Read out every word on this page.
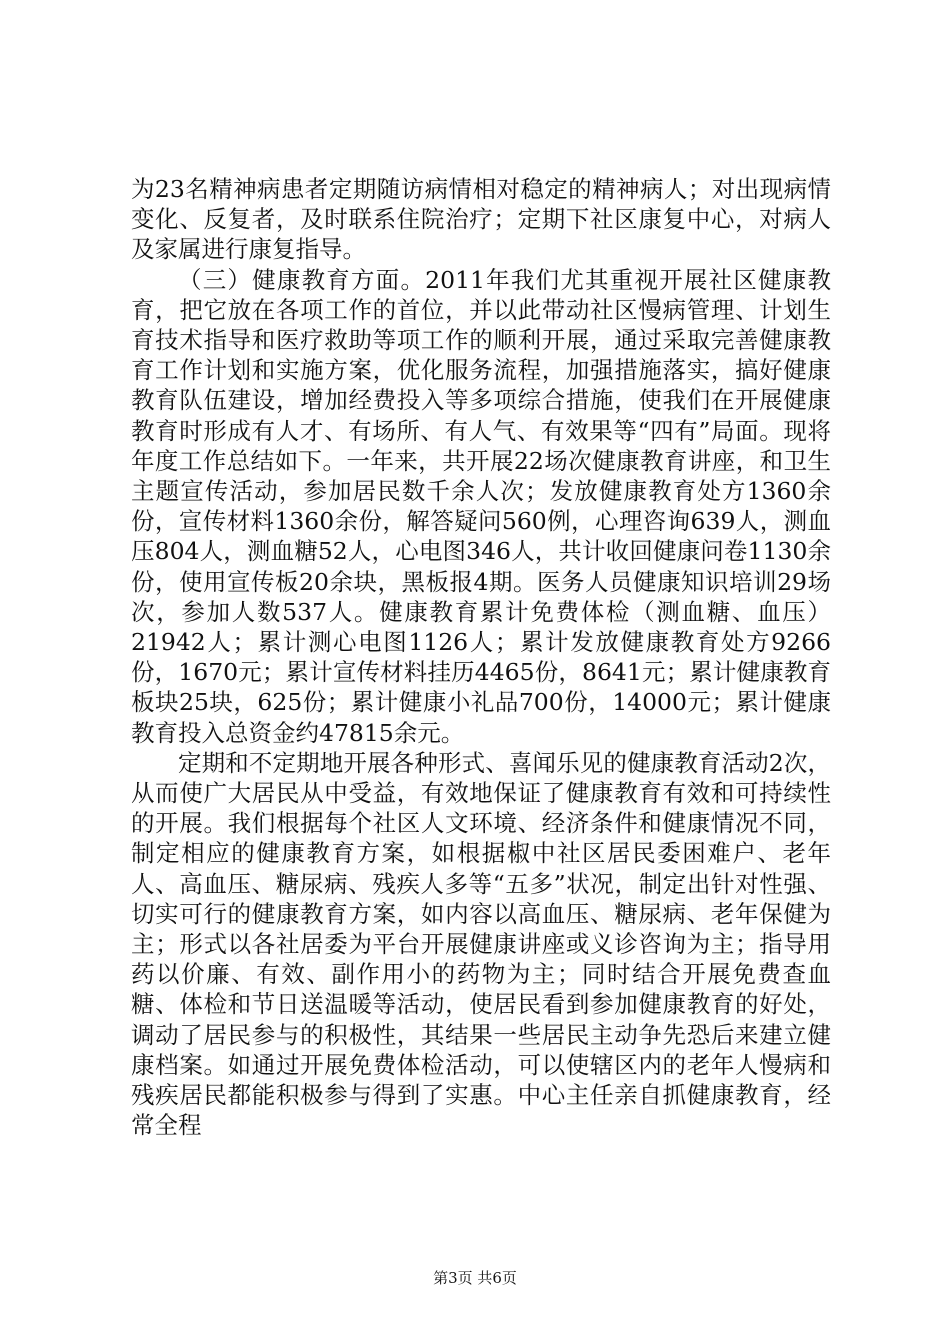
为23名精神病患者定期随访病情相对稳定的精神病人；对出现病情变化、反复者，及时联系住院治疗；定期下社区康复中心，对病人及家属进行康复指导。

（三）健康教育方面。2011年我们尤其重视开展社区健康教育，把它放在各项工作的首位，并以此带动社区慢病管理、计划生育技术指导和医疗救助等项工作的顺利开展，通过采取完善健康教育工作计划和实施方案，优化服务流程，加强措施落实，搞好健康教育队伍建设，增加经费投入等多项综合措施，使我们在开展健康教育时形成有人才、有场所、有人气、有效果等“四有”局面。现将年度工作总结如下。一年来，共开展22场次健康教育讲座，和卫生主题宣传活动，参加居民数千余人次；发放健康教育处方1360余份，宣传材料1360余份，解答疑问560例，心理咨询639人，测血压804人，测血糖52人，心电图346人，共计收回健康问卷1130余份，使用宣传板20余块，黑板报4期。医务人员健康知识培训29场次，参加人数537人。健康教育累计免费体检（测血糖、血压）21942人；累计测心电图1126人；累计发放健康教育处方9266份，1670元；累计宣传材料挂历4465份，8641元；累计健康教育板块25块，625份；累计健康小礼品700份，14000元；累计健康教育投入总资金约47815余元。

定期和不定期地开展各种形式、喜闻乐见的健康教育活动2次，从而使广大居民从中受益，有效地保证了健康教育有效和可持续性的开展。我们根据每个社区人文环境、经济条件和健康情况不同，制定相应的健康教育方案，如根据椒中社区居民委困难户、老年人、高血压、糖尿病、残疾人多等“五多”状况，制定出针对性强、切实可行的健康教育方案，如内容以高血压、糖尿病、老年保健为主；形式以各社居委为平台开展健康讲座或义诊咨询为主；指导用药以价廉、有效、副作用小的药物为主；同时结合开展免费查血糖、体检和节日送温暖等活动，使居民看到参加健康教育的好处，调动了居民参与的积极性，其结果一些居民主动争先恐后来建立健康档案。如通过开展免费体检活动，可以使辖区内的老年人慢病和残疾居民都能积极参与得到了实惠。中心主任亲自抓健康教育，经常全程

第3页 共6页
